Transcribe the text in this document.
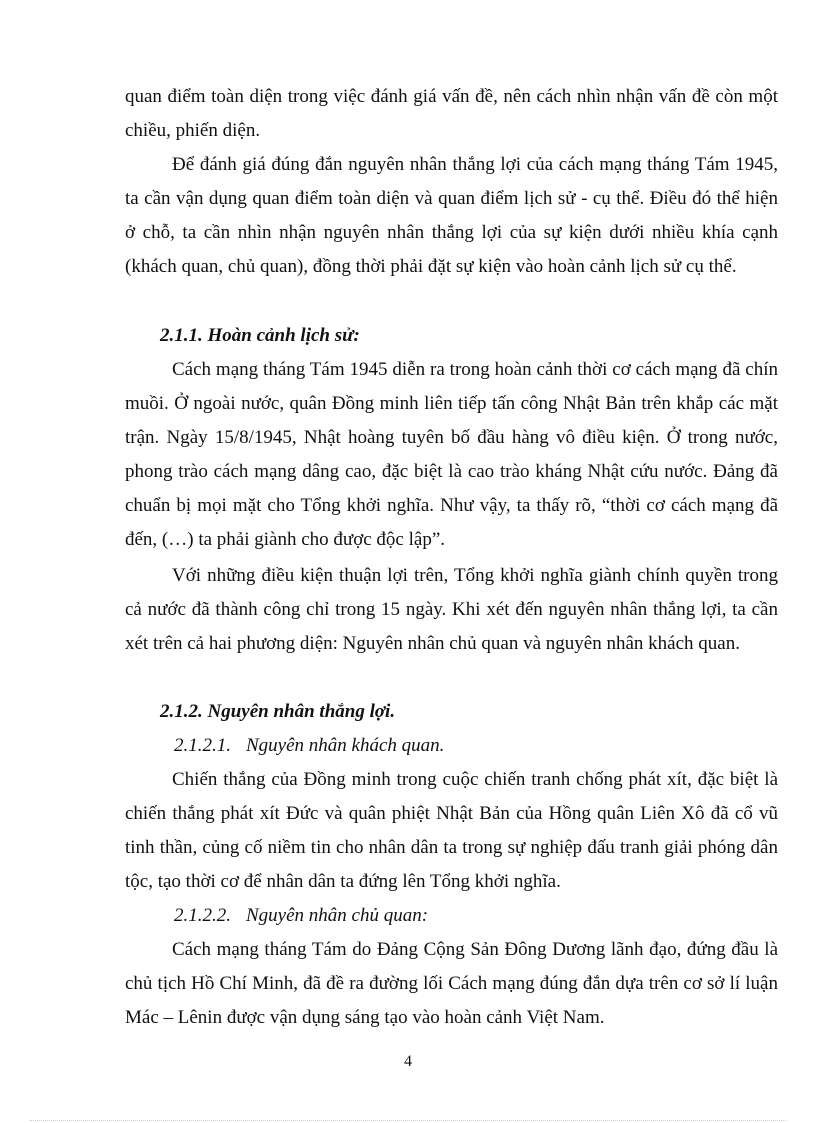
quan điểm toàn diện trong việc đánh giá vấn đề, nên cách nhìn nhận vấn đề còn một chiều, phiến diện.

Để đánh giá đúng đắn nguyên nhân thắng lợi của cách mạng tháng Tám 1945, ta cần vận dụng quan điểm toàn diện và quan điểm lịch sử - cụ thể. Điều đó thể hiện ở chỗ, ta cần nhìn nhận nguyên nhân thắng lợi của sự kiện dưới nhiều khía cạnh (khách quan, chủ quan), đồng thời phải đặt sự kiện vào hoàn cảnh lịch sử cụ thể.

2.1.1. Hoàn cảnh lịch sử:

Cách mạng tháng Tám 1945 diễn ra trong hoàn cảnh thời cơ cách mạng đã chín muồi. Ở ngoài nước, quân Đồng minh liên tiếp tấn công Nhật Bản trên khắp các mặt trận. Ngày 15/8/1945, Nhật hoàng tuyên bố đầu hàng vô điều kiện. Ở trong nước, phong trào cách mạng dâng cao, đặc biệt là cao trào kháng Nhật cứu nước. Đảng đã chuẩn bị mọi mặt cho Tổng khởi nghĩa. Như vậy, ta thấy rõ, “thời cơ cách mạng đã đến, (…) ta phải giành cho được độc lập”.

Với những điều kiện thuận lợi trên, Tổng khởi nghĩa giành chính quyền trong cả nước đã thành công chỉ trong 15 ngày. Khi xét đến nguyên nhân thắng lợi, ta cần xét trên cả hai phương diện: Nguyên nhân chủ quan và nguyên nhân khách quan.

2.1.2. Nguyên nhân thắng lợi.

2.1.2.1. Nguyên nhân khách quan.

Chiến thắng của Đồng minh trong cuộc chiến tranh chống phát xít, đặc biệt là chiến thắng phát xít Đức và quân phiệt Nhật Bản của Hồng quân Liên Xô đã cổ vũ tinh thần, củng cố niềm tin cho nhân dân ta trong sự nghiệp đấu tranh giải phóng dân tộc, tạo thời cơ để nhân dân ta đứng lên Tổng khởi nghĩa.

2.1.2.2. Nguyên nhân chủ quan:

Cách mạng tháng Tám do Đảng Cộng Sản Đông Dương lãnh đạo, đứng đầu là chủ tịch Hồ Chí Minh, đã đề ra đường lối Cách mạng đúng đắn dựa trên cơ sở lí luận Mác – Lênin được vận dụng sáng tạo vào hoàn cảnh Việt Nam.

4
